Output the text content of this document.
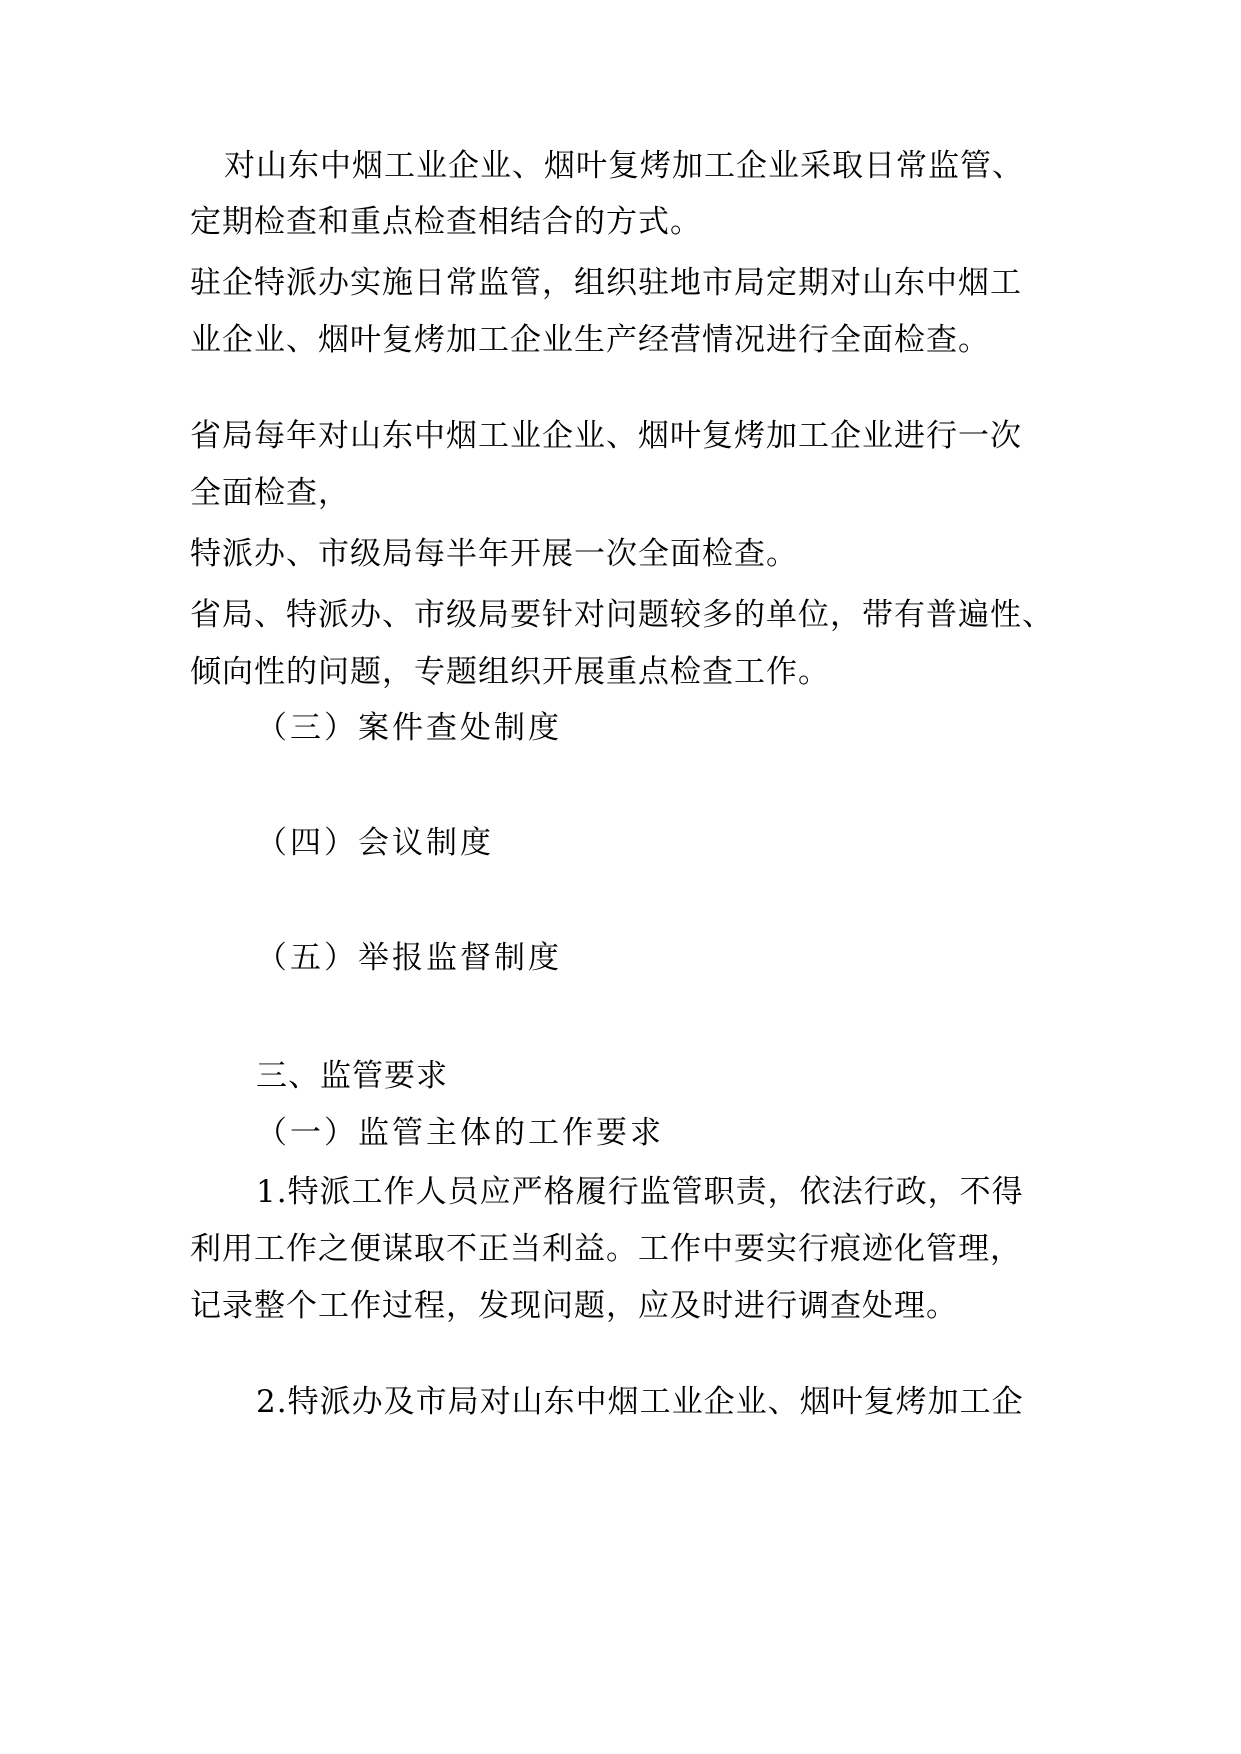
对山东中烟工业企业、烟叶复烤加工企业采取日常监管、
定期检查和重点检查相结合的方式。
驻企特派办实施日常监管，组织驻地市局定期对山东中烟工
业企业、烟叶复烤加工企业生产经营情况进行全面检查。
省局每年对山东中烟工业企业、烟叶复烤加工企业进行一次
全面检查，
特派办、市级局每半年开展一次全面检查。
省局、特派办、市级局要针对问题较多的单位，带有普遍性、
倾向性的问题，专题组织开展重点检查工作。
（三）案件查处制度
（四）会议制度
（五）举报监督制度
三、监管要求
（一）监管主体的工作要求
1.特派工作人员应严格履行监管职责，依法行政，不得
利用工作之便谋取不正当利益。工作中要实行痕迹化管理，
记录整个工作过程，发现问题，应及时进行调查处理。
2.特派办及市局对山东中烟工业企业、烟叶复烤加工企
